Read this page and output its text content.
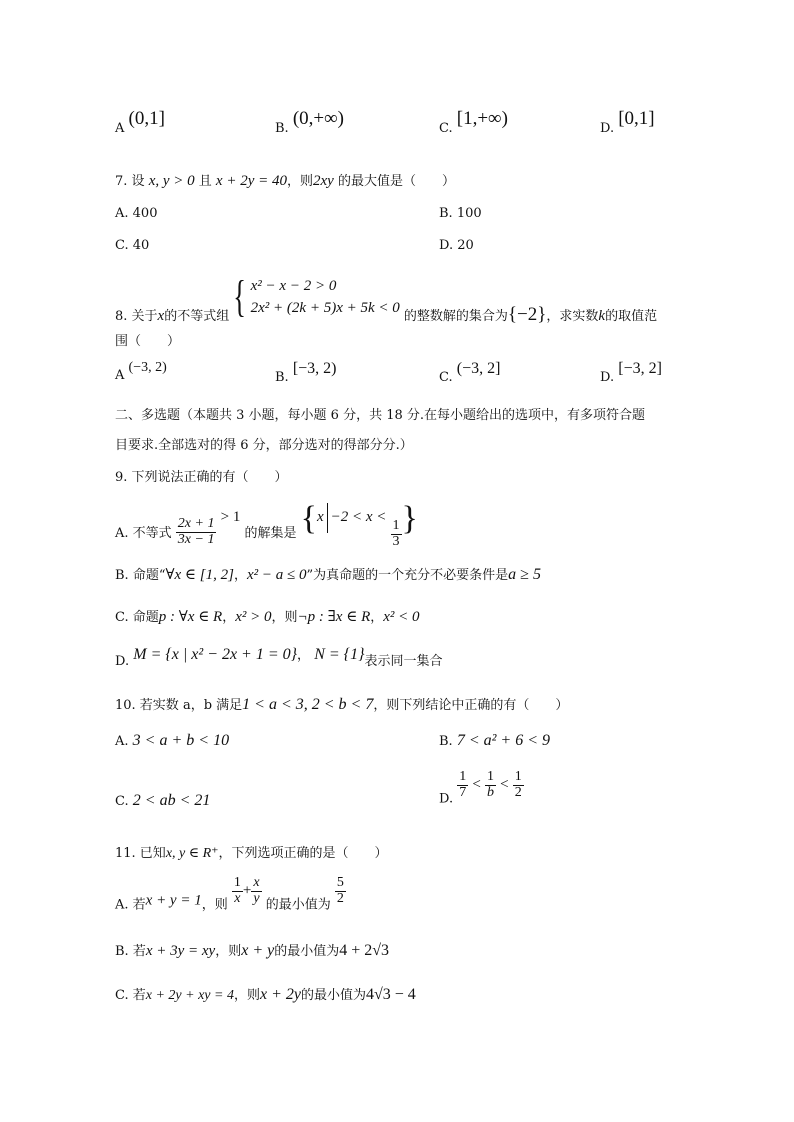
A (0,1]	B. (0,+∞)	C. [1,+∞)	D. [0,1]
7. 设 x, y > 0 且 x + 2y = 40，则2xy 的最大值是（　　）
A. 400	B. 100
C. 40	D. 20
8. 关于x的不等式组 { x² − x − 2 > 0
2x² + (2k + 5)x + 5k < 0
的整数解的集合为{−2}，求实数k的取值范
围（　　）
A (−3, 2)
B. [−3, 2)
C. (−3, 2]
D. [−3, 2]
二、多选题（本题共 3 小题，每小题 6 分，共 18 分.在每小题给出的选项中，有多项符合题
目要求.全部选对的得 6 分，部分选对的得部分分.）
9. 下列说法正确的有（　　）
A. 不等式 $\frac{2x + 1}{3x - 1} > 1$ 的解集是 {x −2 < x <
$\frac{1}{3}$ }
B. 命题“∀x ∈ [1, 2]，x² − a ≤ 0”为真命题的一个充分不必要条件是a ≥ 5
C. 命题p : ∀x ∈ R，x² > 0，则¬p : ∃x ∈ R，x² < 0
D. M = {x | x² − 2x + 1 = 0}， N = {1}表示同一集合
10. 若实数 a，b 满足1 < a < 3, 2 < b < 7，则下列结论中正确的有（　　）
A. 3 < a + b < 10	B. 7 < a² + 6 < 9
C. 2 < ab < 21	D. $\frac{1}{7} < \frac{1}{b} < \frac{1}{2}$
11. 已知x, y ∈ R⁺，下列选项正确的是（　　）
A. 若x + y = 1，则 $\frac{1}{x} + \frac{x}{y}$ 的最小值为 $\frac{5}{2}$
B. 若x + 3y = xy，则x + y的最小值为4 + 2√3
C. 若x + 2y + xy = 4，则x + 2y的最小值为4√3 − 4
